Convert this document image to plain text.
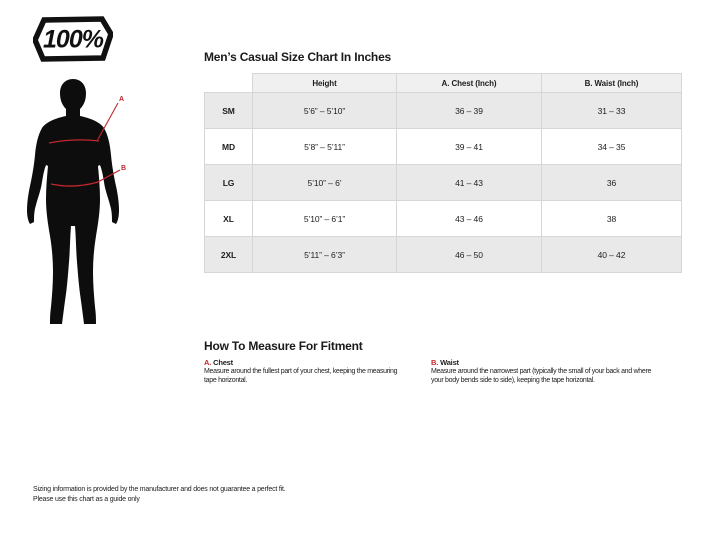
100%
A
B
Men’s Casual Size Chart In Inches
	Height	A. Chest (Inch)	B. Waist (Inch)
SM	5’6” – 5’10”	36 – 39	31 – 33
MD	5’8” – 5’11”	39 – 41	34 – 35
LG	5’10” – 6’	41 – 43	36
XL	5’10” – 6’1”	43 – 46	38
2XL	5’11” – 6’3”	46 – 50	40 – 42
How To Measure For Fitment

A. Chest

Measure around the fullest part of your chest, keeping the measuring tape horizontal.

B. Waist

Measure around the narrowest part (typically the small of your back and where your body bends side to side), keeping the tape horizontal.

Sizing information is provided by the manufacturer and does not guarantee a perfect fit.
Please use this chart as a guide only
